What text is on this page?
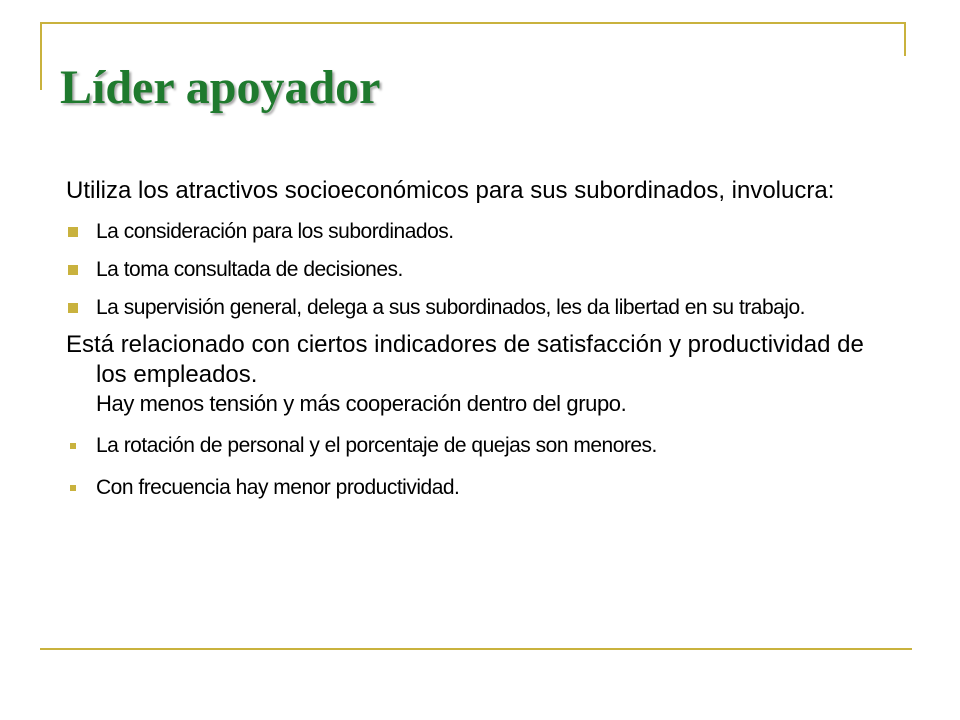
Líder apoyador
Utiliza los atractivos socioeconómicos para sus subordinados, involucra:
La consideración para los subordinados.
La toma consultada de decisiones.
La supervisión general, delega a sus subordinados, les da libertad en su trabajo.
Está relacionado con ciertos indicadores de satisfacción y productividad de los empleados.
Hay menos tensión y más cooperación dentro del grupo.
La rotación de personal y el porcentaje de quejas son menores.
Con frecuencia hay menor productividad.
